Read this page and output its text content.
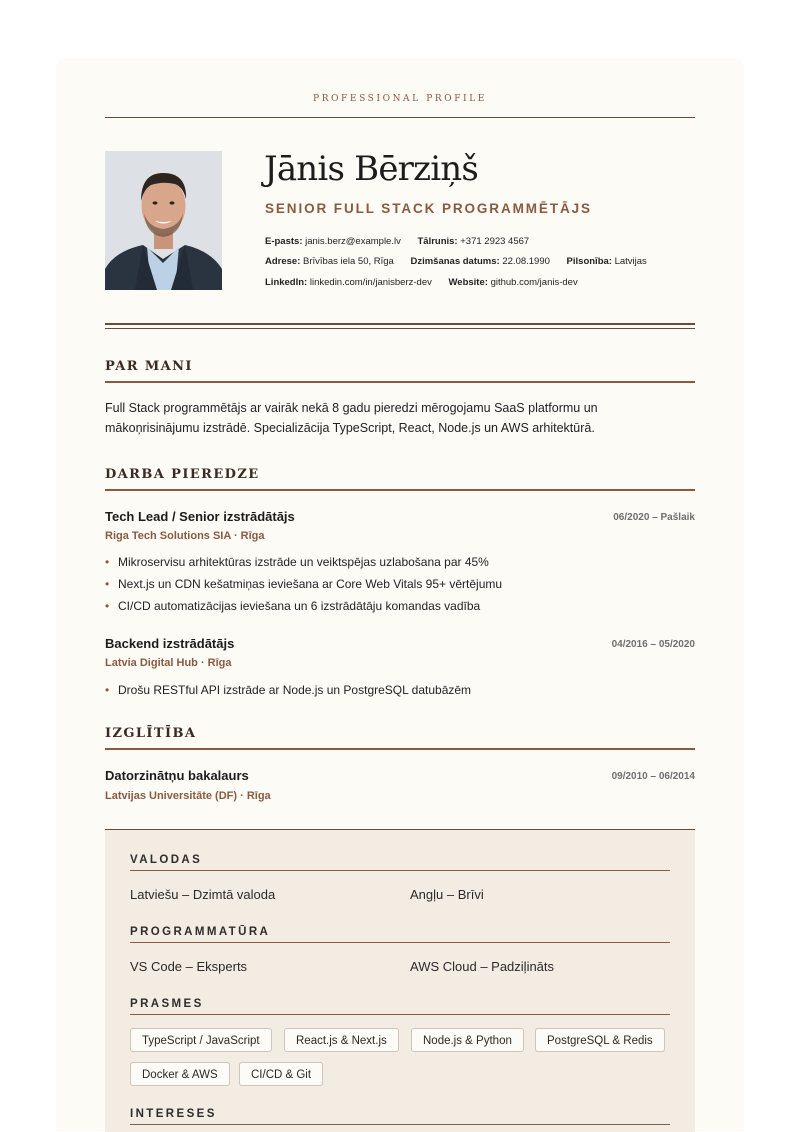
PROFESSIONAL PROFILE
Jānis Bērziņš
SENIOR FULL STACK PROGRAMMĒTĀJS
E-pasts: janis.berz@example.lv Tālrunis: +371 2923 4567
Adrese: Brīvības iela 50, Rīga Dzimšanas datums: 22.08.1990 Pilsonība: Latvijas
LinkedIn: linkedin.com/in/janisberz-dev Website: github.com/janis-dev
PAR MANI
Full Stack programmētājs ar vairāk nekā 8 gadu pieredzi mērogojamu SaaS platformu un
mākoņrisinājumu izstrādē. Specializācija TypeScript, React, Node.js un AWS arhitektūrā.
DARBA PIEREDZE
Tech Lead / Senior izstrādātājs	06/2020 – Pašlaik
Riga Tech Solutions SIA · Rīga
• Mikroservisu arhitektūras izstrāde un veiktspējas uzlabošana par 45%
• Next.js un CDN kešatmiņas ieviešana ar Core Web Vitals 95+ vērtējumu
• CI/CD automatizācijas ieviešana un 6 izstrādātāju komandas vadība
Backend izstrādātājs	04/2016 – 05/2020
Latvia Digital Hub · Rīga
• Drošu RESTful API izstrāde ar Node.js un PostgreSQL datubāzēm
IZGLĪTĪBA
Datorzinātņu bakalaurs	09/2010 – 06/2014
Latvijas Universitāte (DF) · Rīga
VALODAS
Latviešu – Dzimtā valoda	Angļu – Brīvi
PROGRAMMATŪRA
VS Code – Eksperts	AWS Cloud – Padziļināts
PRASMES
TypeScript / JavaScript	React.js & Next.js	Node.js & Python	PostgreSQL & Redis
Docker & AWS	CI/CD & Git
INTERESES
